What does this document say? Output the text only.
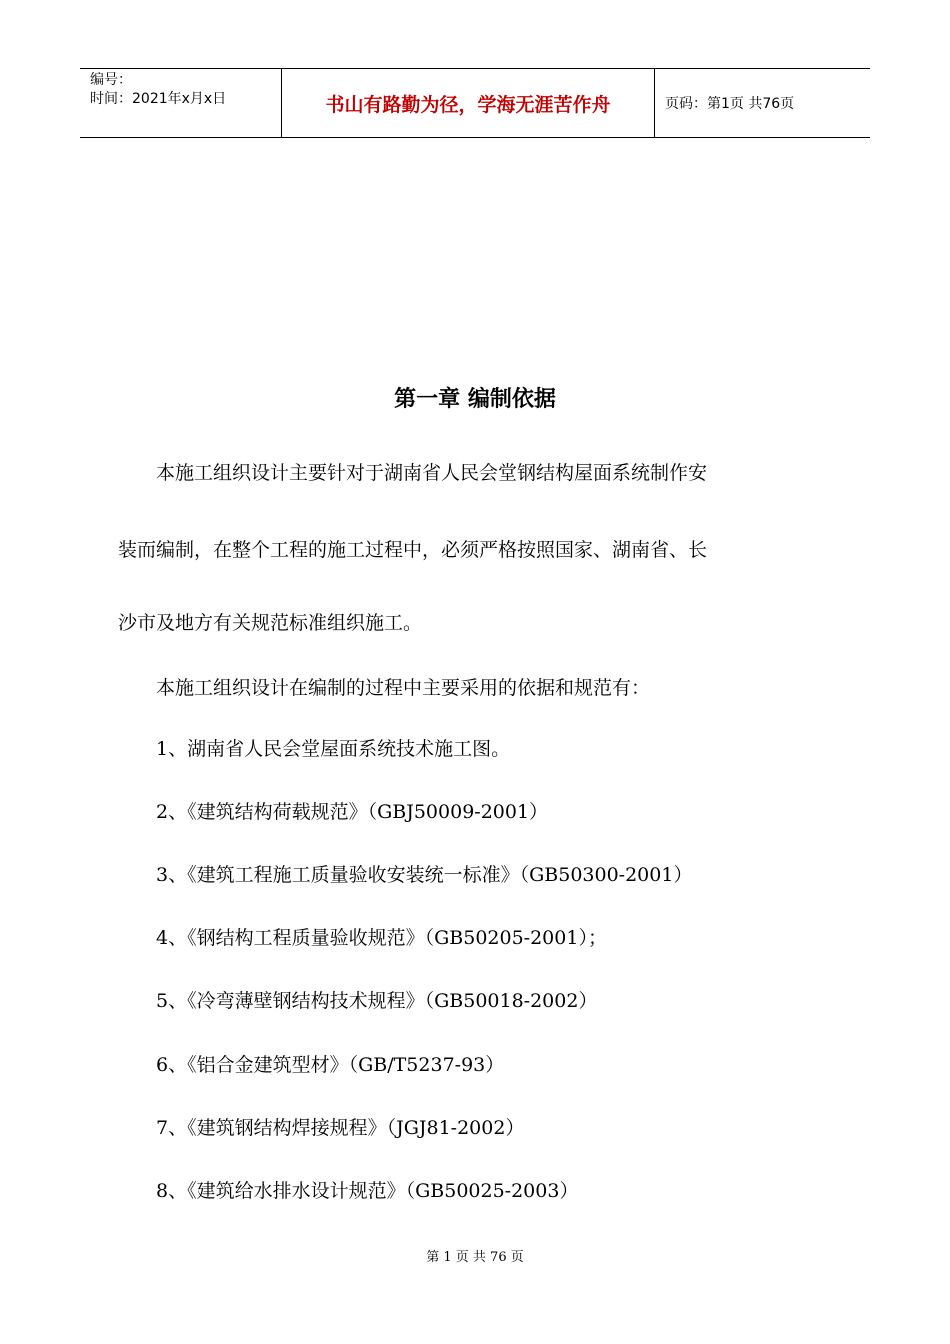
编号：
时间：2021年x月x日	书山有路勤为径，学海无涯苦作舟	页码：第1页 共76页
第一章 编制依据
　　本施工组织设计主要针对于湖南省人民会堂钢结构屋面系统制作安
装而编制，在整个工程的施工过程中，必须严格按照国家、湖南省、长
沙市及地方有关规范标准组织施工。
　　本施工组织设计在编制的过程中主要采用的依据和规范有：
　　1、湖南省人民会堂屋面系统技术施工图。
　　2、《建筑结构荷载规范》（GBJ50009-2001）
　　3、《建筑工程施工质量验收安装统一标准》（GB50300-2001）
　　4、《钢结构工程质量验收规范》（GB50205-2001）；
　　5、《冷弯薄壁钢结构技术规程》（GB50018-2002）
　　6、《铝合金建筑型材》（GB/T5237-93）
　　7、《建筑钢结构焊接规程》（JGJ81-2002）
　　8、《建筑给水排水设计规范》（GB50025-2003）
第 1 页 共 76 页
